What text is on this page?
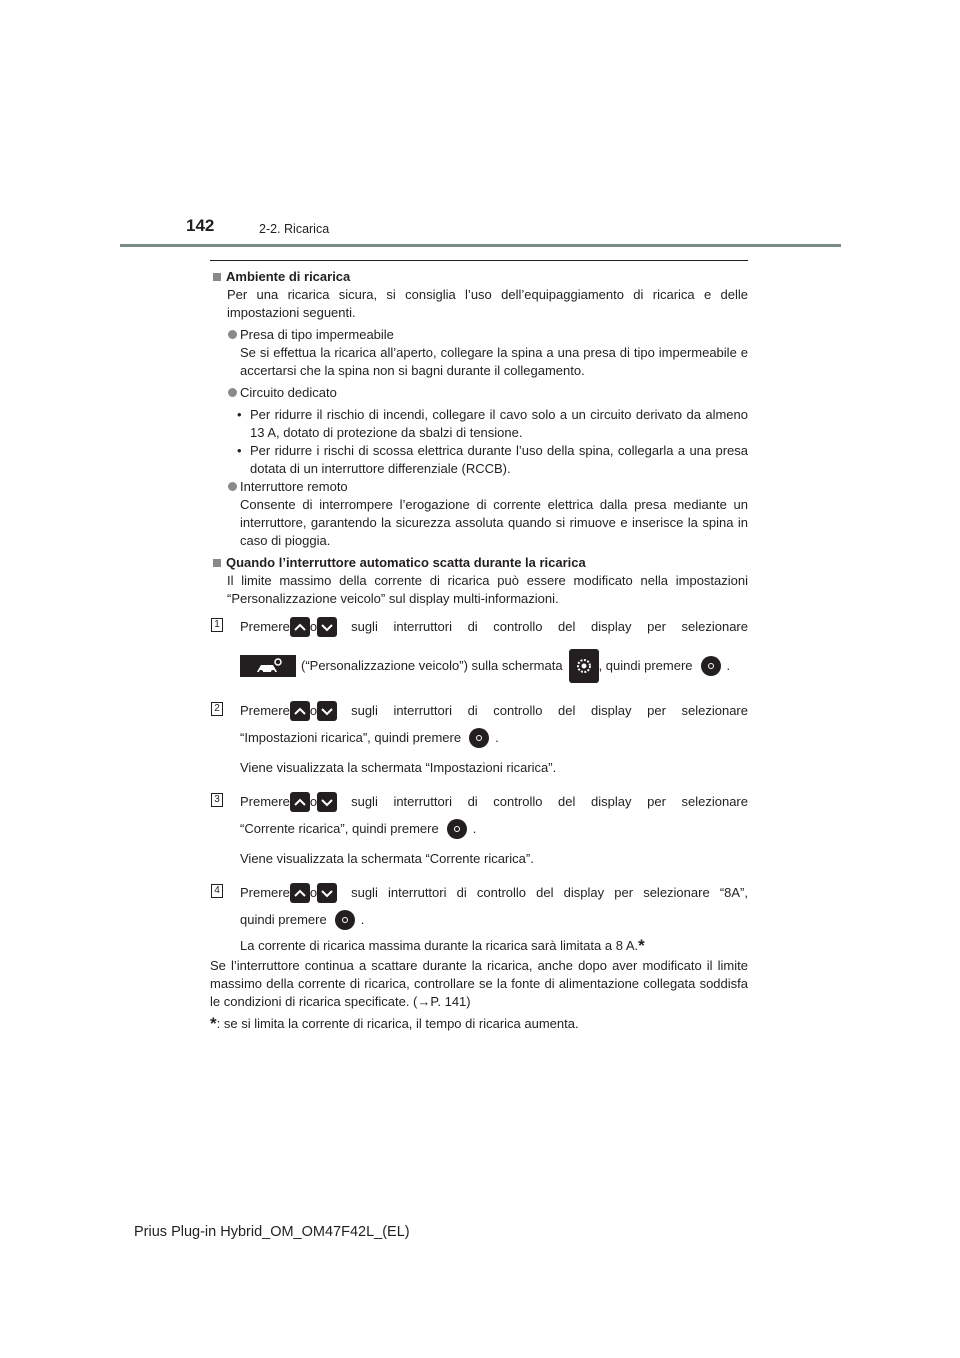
142	2-2. Ricarica
Ambiente di ricarica

Per una ricarica sicura, si consiglia l’uso dell’equipaggiamento di ricarica e delle impostazioni seguenti.

Presa di tipo impermeabile

Se si effettua la ricarica all’aperto, collegare la spina a una presa di tipo impermeabile e accertarsi che la spina non si bagni durante il collegamento.

Circuito dedicato

• Per ridurre il rischio di incendi, collegare il cavo solo a un circuito derivato da almeno 13 A, dotato di protezione da sbalzi di tensione.

• Per ridurre i rischi di scossa elettrica durante l’uso della spina, collegarla a una presa dotata di un interruttore differenziale (RCCB).

Interruttore remoto

Consente di interrompere l’erogazione di corrente elettrica dalla presa mediante un interruttore, garantendo la sicurezza assoluta quando si rimuove e inserisce la spina in caso di pioggia.

Quando l’interruttore automatico scatta durante la ricarica

Il limite massimo della corrente di ricarica può essere modificato nella impostazioni “Personalizzazione veicolo” sul display multi-informazioni.

1 Premere o	sugli interruttori di controllo del display per selezionare
(“Personalizzazione veicolo”) sulla schermata	, quindi premere	.
2 Premere o	sugli interruttori di controllo del display per selezionare
“Impostazioni ricarica”, quindi premere	.

Viene visualizzata la schermata “Impostazioni ricarica”.

3 Premere o	sugli interruttori di controllo del display per selezionare
“Corrente ricarica”, quindi premere	.

Viene visualizzata la schermata “Corrente ricarica”.

4 Premere o	sugli interruttori di controllo del display per selezionare “8A”,
quindi premere	.

La corrente di ricarica massima durante la ricarica sarà limitata a 8 A.*

Se l’interruttore continua a scattare durante la ricarica, anche dopo aver modificato il limite massimo della corrente di ricarica, controllare se la fonte di alimentazione collegata soddisfa le condizioni di ricarica specificate. (→P. 141)

*: se si limita la corrente di ricarica, il tempo di ricarica aumenta.

Prius Plug-in Hybrid_OM_OM47F42L_(EL)
